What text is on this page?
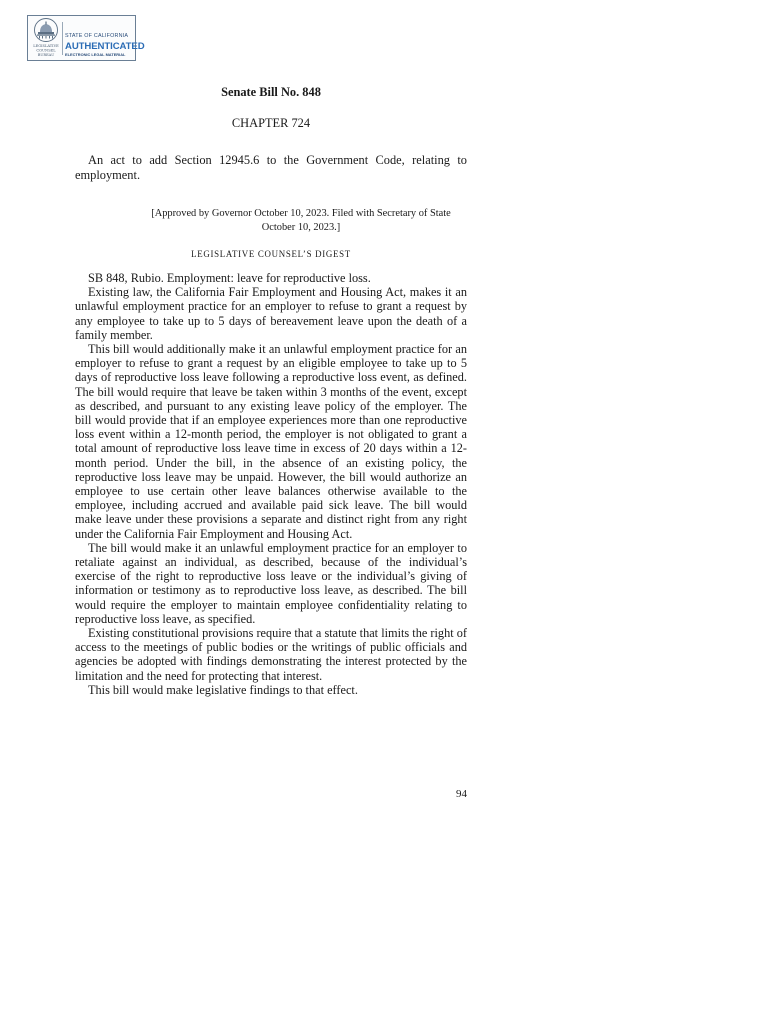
LEGISLATIVE
COUNSEL
BUREAU
STATE OF CALIFORNIA
AUTHENTICATED
ELECTRONIC LEGAL MATERIAL
Senate Bill No. 848
CHAPTER 724
An act to add Section 12945.6 to the Government Code, relating to employment.
[Approved by Governor October 10, 2023. Filed with Secretary of State October 10, 2023.]
LEGISLATIVE COUNSEL’S DIGEST

SB 848, Rubio. Employment: leave for reproductive loss.

Existing law, the California Fair Employment and Housing Act, makes it an unlawful employment practice for an employer to refuse to grant a request by any employee to take up to 5 days of bereavement leave upon the death of a family member.

This bill would additionally make it an unlawful employment practice for an employer to refuse to grant a request by an eligible employee to take up to 5 days of reproductive loss leave following a reproductive loss event, as defined. The bill would require that leave be taken within 3 months of the event, except as described, and pursuant to any existing leave policy of the employer. The bill would provide that if an employee experiences more than one reproductive loss event within a 12-month period, the employer is not obligated to grant a total amount of reproductive loss leave time in excess of 20 days within a 12-month period. Under the bill, in the absence of an existing policy, the reproductive loss leave may be unpaid. However, the bill would authorize an employee to use certain other leave balances otherwise available to the employee, including accrued and available paid sick leave. The bill would make leave under these provisions a separate and distinct right from any right under the California Fair Employment and Housing Act.

The bill would make it an unlawful employment practice for an employer to retaliate against an individual, as described, because of the individual’s exercise of the right to reproductive loss leave or the individual’s giving of information or testimony as to reproductive loss leave, as described. The bill would require the employer to maintain employee confidentiality relating to reproductive loss leave, as specified.

Existing constitutional provisions require that a statute that limits the right of access to the meetings of public bodies or the writings of public officials and agencies be adopted with findings demonstrating the interest protected by the limitation and the need for protecting that interest.

This bill would make legislative findings to that effect.

94
